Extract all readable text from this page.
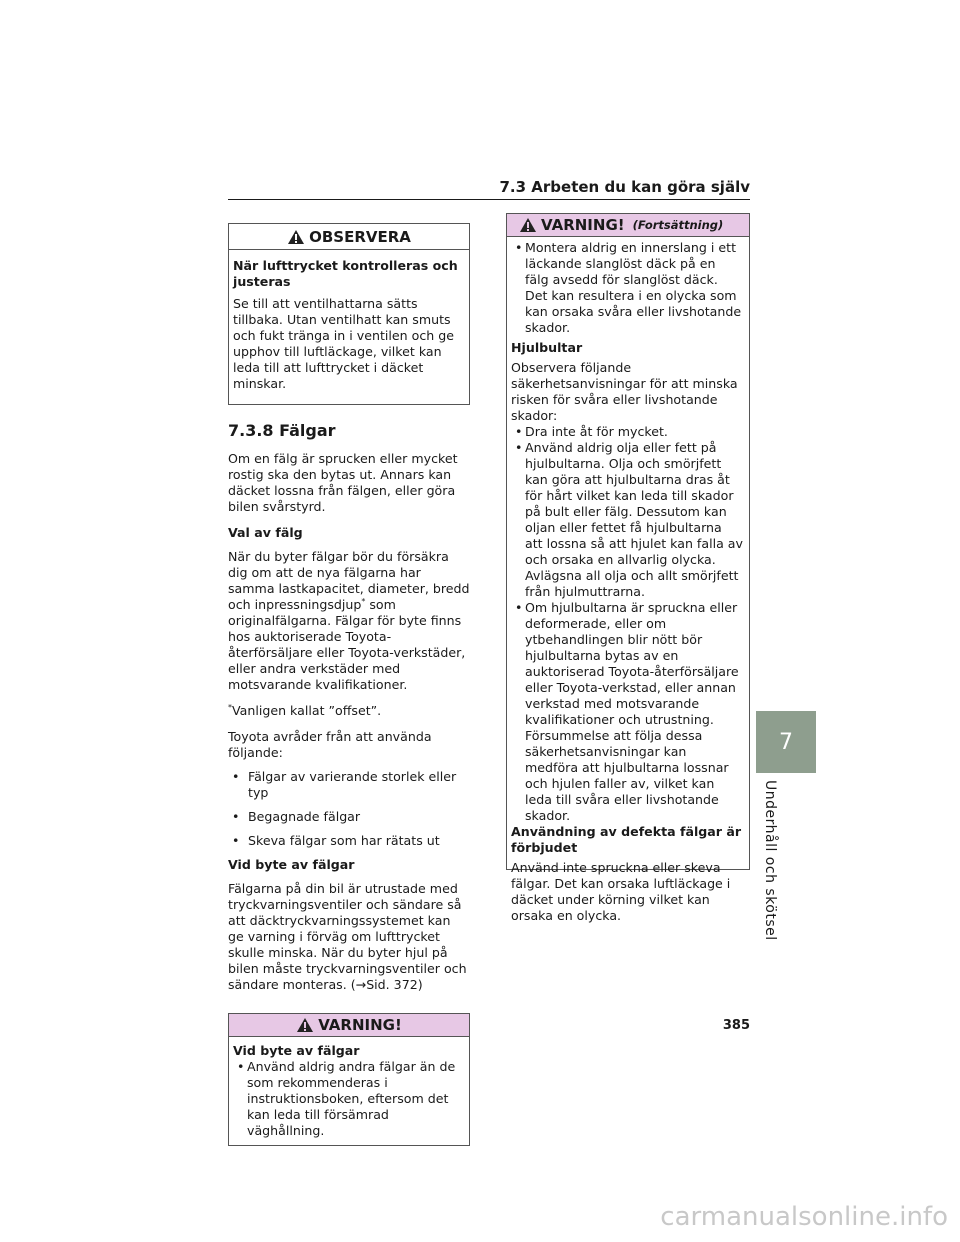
7.3 Arbeten du kan göra själv
OBSERVERA

När lufttrycket kontrolleras och justeras

Se till att ventilhattarna sätts tillbaka. Utan ventilhatt kan smuts och fukt tränga in i ventilen och ge upphov till luftläckage, vilket kan leda till att lufttrycket i däcket minskar.

7.3.8 Fälgar

Om en fälg är sprucken eller mycket rostig ska den bytas ut. Annars kan däcket lossna från fälgen, eller göra bilen svårstyrd.

Val av fälg

När du byter fälgar bör du försäkra dig om att de nya fälgarna har samma lastkapacitet, diameter, bredd och inpressningsdjup* som originalfälgarna. Fälgar för byte finns hos auktoriserade Toyota-återförsäljare eller Toyota-verkstäder, eller andra verkstäder med motsvarande kvalifikationer.

*Vanligen kallat ”offset”.

Toyota avråder från att använda följande:

• Fälgar av varierande storlek eller typ

• Begagnade fälgar

• Skeva fälgar som har rätats ut

Vid byte av fälgar

Fälgarna på din bil är utrustade med tryckvarningsventiler och sändare så att däcktryckvarningssystemet kan ge varning i förväg om lufttrycket skulle minska. När du byter hjul på bilen måste tryckvarningsventiler och sändare monteras. (→Sid. 372)

VARNING!

Vid byte av fälgar

• Använd aldrig andra fälgar än de som rekommenderas i instruktionsboken, eftersom det kan leda till försämrad väghållning.

VARNING! (Fortsättning)

• Montera aldrig en innerslang i ett läckande slanglöst däck på en fälg avsedd för slanglöst däck. Det kan resultera i en olycka som kan orsaka svåra eller livshotande skador.

Hjulbultar

Observera följande säkerhetsanvisningar för att minska risken för svåra eller livshotande skador:

• Dra inte åt för mycket.

• Använd aldrig olja eller fett på hjulbultarna. Olja och smörjfett kan göra att hjulbultarna dras åt för hårt vilket kan leda till skador på bult eller fälg. Dessutom kan oljan eller fettet få hjulbultarna att lossna så att hjulet kan falla av och orsaka en allvarlig olycka. Avlägsna all olja och allt smörjfett från hjulmuttrarna.

• Om hjulbultarna är spruckna eller deformerade, eller om ytbehandlingen blir nött bör hjulbultarna bytas av en auktoriserad Toyota-återförsäljare eller Toyota-verkstad, eller annan verkstad med motsvarande kvalifikationer och utrustning. Försummelse att följa dessa säkerhetsanvisningar kan medföra att hjulbultarna lossnar och hjulen faller av, vilket kan leda till svåra eller livshotande skador.

Användning av defekta fälgar är förbjudet

Använd inte spruckna eller skeva fälgar. Det kan orsaka luftläckage i däcket under körning vilket kan orsaka en olycka.

7
Underhåll och skötsel
385
carmanualsonline.info
